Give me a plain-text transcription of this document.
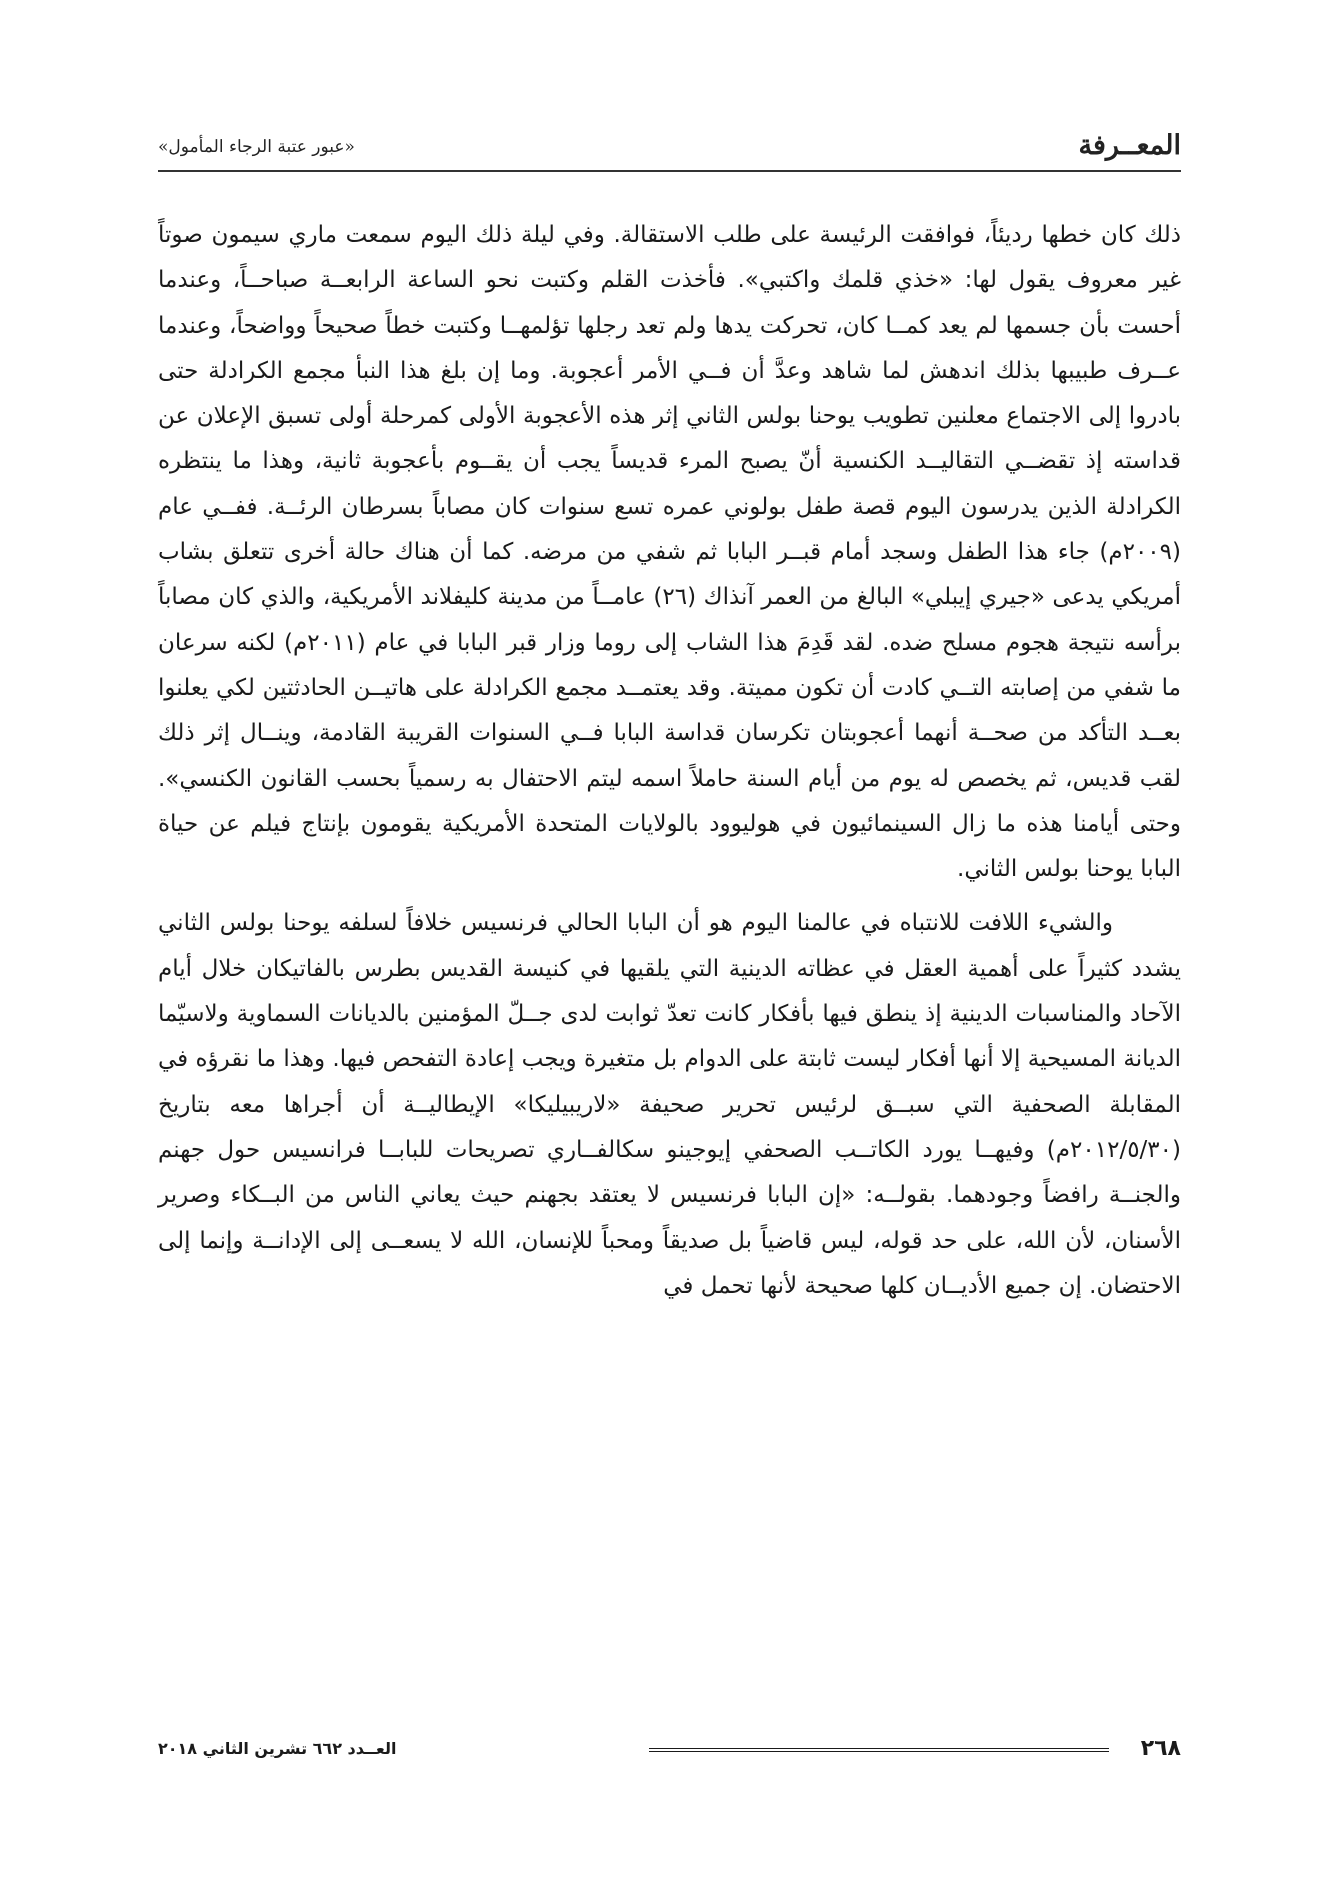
المعــرفة
«عبور عتبة الرجاء المأمول»

ذلك كان خطها رديئاً، فوافقت الرئيسة على طلب الاستقالة. وفي ليلة ذلك اليوم سمعت ماري سيمون صوتاً غير معروف يقول لها: «خذي قلمك واكتبي». فأخذت القلم وكتبت نحو الساعة الرابعــة صباحــاً، وعندما أحست بأن جسمها لم يعد كمــا كان، تحركت يدها ولم تعد رجلها تؤلمهــا وكتبت خطاً صحيحاً وواضحاً، وعندما عــرف طبيبها بذلك اندهش لما شاهد وعدَّ أن فــي الأمر أعجوبة. وما إن بلغ هذا النبأ مجمع الكرادلة حتى بادروا إلى الاجتماع معلنين تطويب يوحنا بولس الثاني إثر هذه الأعجوبة الأولى كمرحلة أولى تسبق الإعلان عن قداسته إذ تقضــي التقاليــد الكنسية أنّ يصبح المرء قديساً يجب أن يقــوم بأعجوبة ثانية، وهذا ما ينتظره الكرادلة الذين يدرسون اليوم قصة طفل بولوني عمره تسع سنوات كان مصاباً بسرطان الرئــة. ففــي عام (٢٠٠٩م) جاء هذا الطفل وسجد أمام قبــر البابا ثم شفي من مرضه. كما أن هناك حالة أخرى تتعلق بشاب أمريكي يدعى «جيري إيبلي» البالغ من العمر آنذاك (٢٦) عامــاً من مدينة كليفلاند الأمريكية، والذي كان مصاباً برأسه نتيجة هجوم مسلح ضده. لقد قَدِمَ هذا الشاب إلى روما وزار قبر البابا في عام (٢٠١١م) لكنه سرعان ما شفي من إصابته التــي كادت أن تكون مميتة. وقد يعتمــد مجمع الكرادلة على هاتيــن الحادثتين لكي يعلنوا بعــد التأكد من صحــة أنهما أعجوبتان تكرسان قداسة البابا فــي السنوات القريبة القادمة، وينــال إثر ذلك لقب قديس، ثم يخصص له يوم من أيام السنة حاملاً اسمه ليتم الاحتفال به رسمياً بحسب القانون الكنسي». وحتى أيامنا هذه ما زال السينمائيون في هوليوود بالولايات المتحدة الأمريكية يقومون بإنتاج فيلم عن حياة البابا يوحنا بولس الثاني.

والشيء اللافت للانتباه في عالمنا اليوم هو أن البابا الحالي فرنسيس خلافاً لسلفه يوحنا بولس الثاني يشدد كثيراً على أهمية العقل في عظاته الدينية التي يلقيها في كنيسة القديس بطرس بالفاتيكان خلال أيام الآحاد والمناسبات الدينية إذ ينطق فيها بأفكار كانت تعدّ ثوابت لدى جــلّ المؤمنين بالديانات السماوية ولاسيّما الديانة المسيحية إلا أنها أفكار ليست ثابتة على الدوام بل متغيرة ويجب إعادة التفحص فيها. وهذا ما نقرؤه في المقابلة الصحفية التي سبــق لرئيس تحرير صحيفة «لاريبيليكا» الإيطاليــة أن أجراها معه بتاريخ (٢٠١٢/٥/٣٠م) وفيهــا يورد الكاتــب الصحفي إيوجينو سكالفــاري تصريحات للبابــا فرانسيس حول جهنم والجنــة رافضاً وجودهما. بقولــه: «إن البابا فرنسيس لا يعتقد بجهنم حيث يعاني الناس من البــكاء وصرير الأسنان، لأن الله، على حد قوله، ليس قاضياً بل صديقاً ومحباً للإنسان، الله لا يسعــى إلى الإدانــة وإنما إلى الاحتضان. إن جميع الأديــان كلها صحيحة لأنها تحمل في

٢٦٨
العــدد ٦٦٢ تشرين الثاني ٢٠١٨
